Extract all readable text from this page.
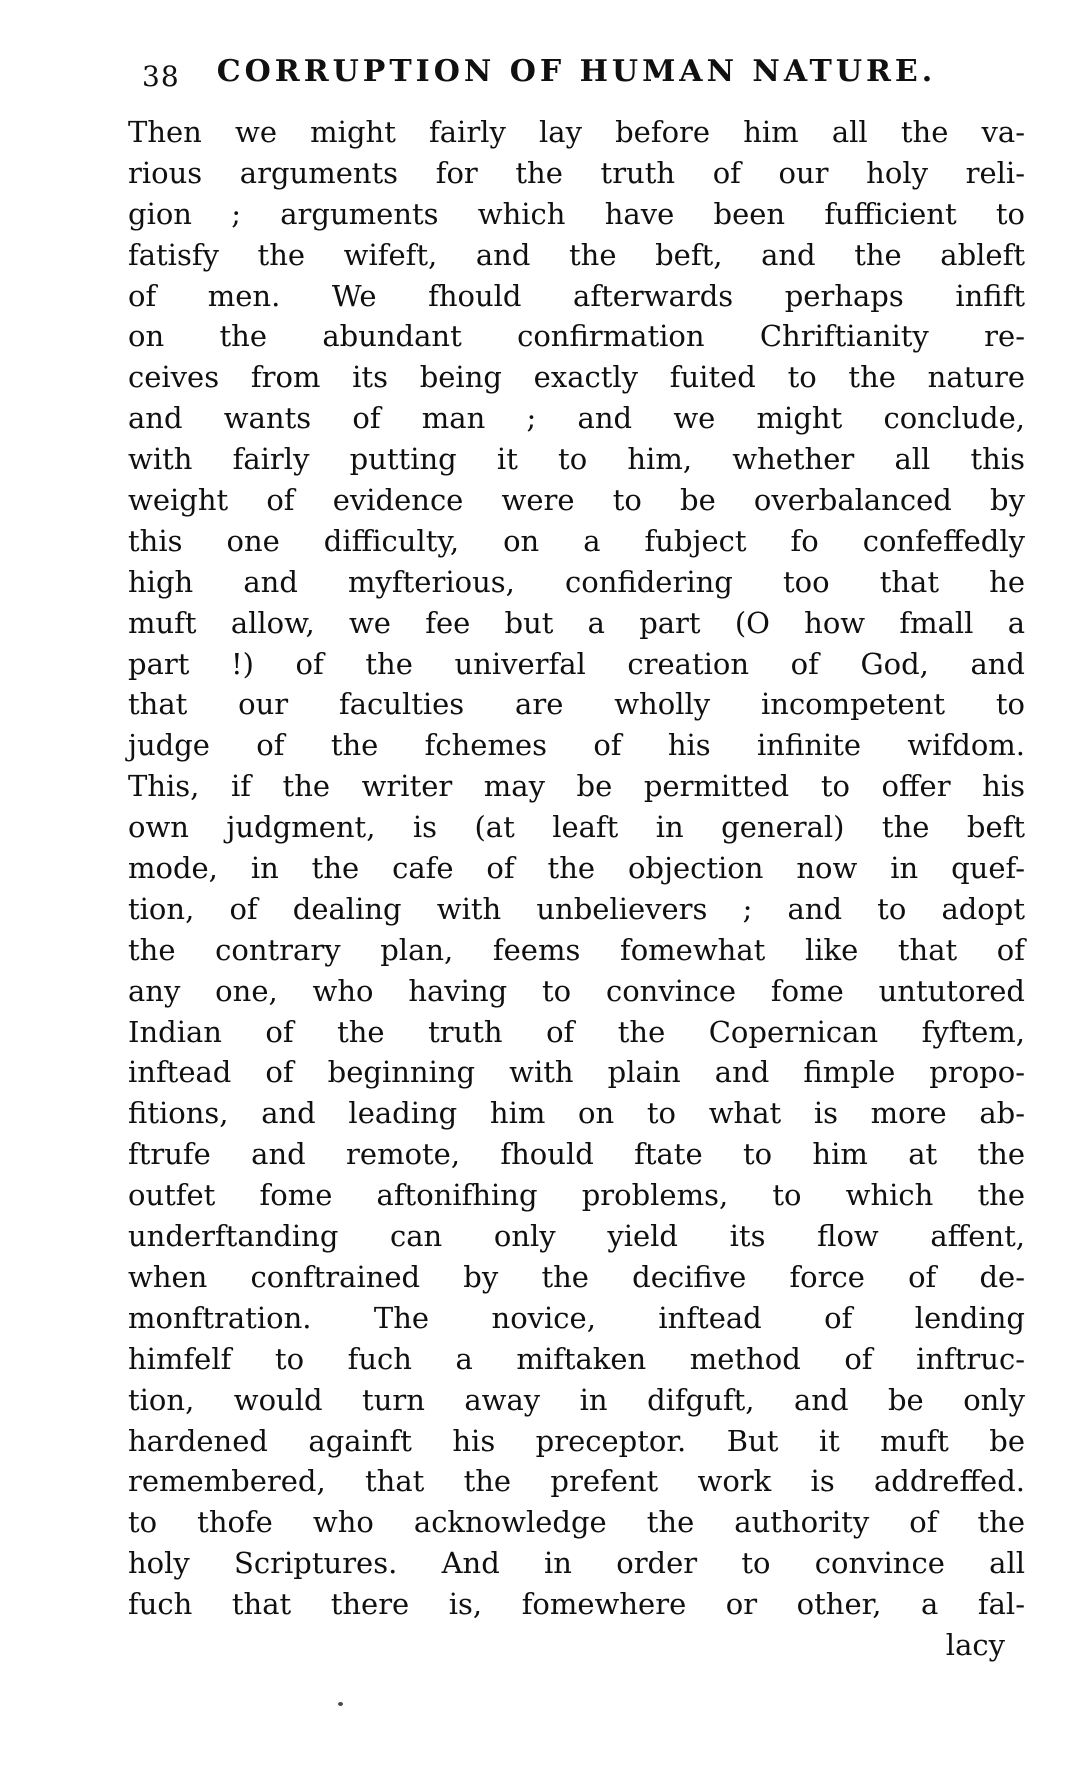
38	CORRUPTION OF HUMAN NATURE.
Then we might fairly lay before him all the va-
rious arguments for the truth of our holy reli-
gion ; arguments which have been fufficient to
fatisfy the wifeft, and the beft, and the ableft
of men. We fhould afterwards perhaps infift
on the abundant confirmation Chriftianity re-
ceives from its being exactly fuited to the nature
and wants of man ; and we might conclude,
with fairly putting it to him, whether all this
weight of evidence were to be overbalanced by
this one difficulty, on a fubject fo confeffedly
high and myfterious, confidering too that he
muft allow, we fee but a part (O how fmall a
part !) of the univerfal creation of God, and
that our faculties are wholly incompetent to
judge of the fchemes of his infinite wifdom.
This, if the writer may be permitted to offer his
own judgment, is (at leaft in general) the beft
mode, in the cafe of the objection now in quef-
tion, of dealing with unbelievers ; and to adopt
the contrary plan, feems fomewhat like that of
any one, who having to convince fome untutored
Indian of the truth of the Copernican fyftem,
inftead of beginning with plain and fimple propo-
fitions, and leading him on to what is more ab-
ftrufe and remote, fhould ftate to him at the
outfet fome aftonifhing problems, to which the
underftanding can only yield its flow affent,
when conftrained by the decifive force of de-
monftration. The novice, inftead of lending
himfelf to fuch a miftaken method of inftruc-
tion, would turn away in difguft, and be only
hardened againft his preceptor. But it muft be
remembered, that the prefent work is addreffed.
to thofe who acknowledge the authority of the
holy Scriptures. And in order to convince all
fuch that there is, fomewhere or other, a fal-
lacy
